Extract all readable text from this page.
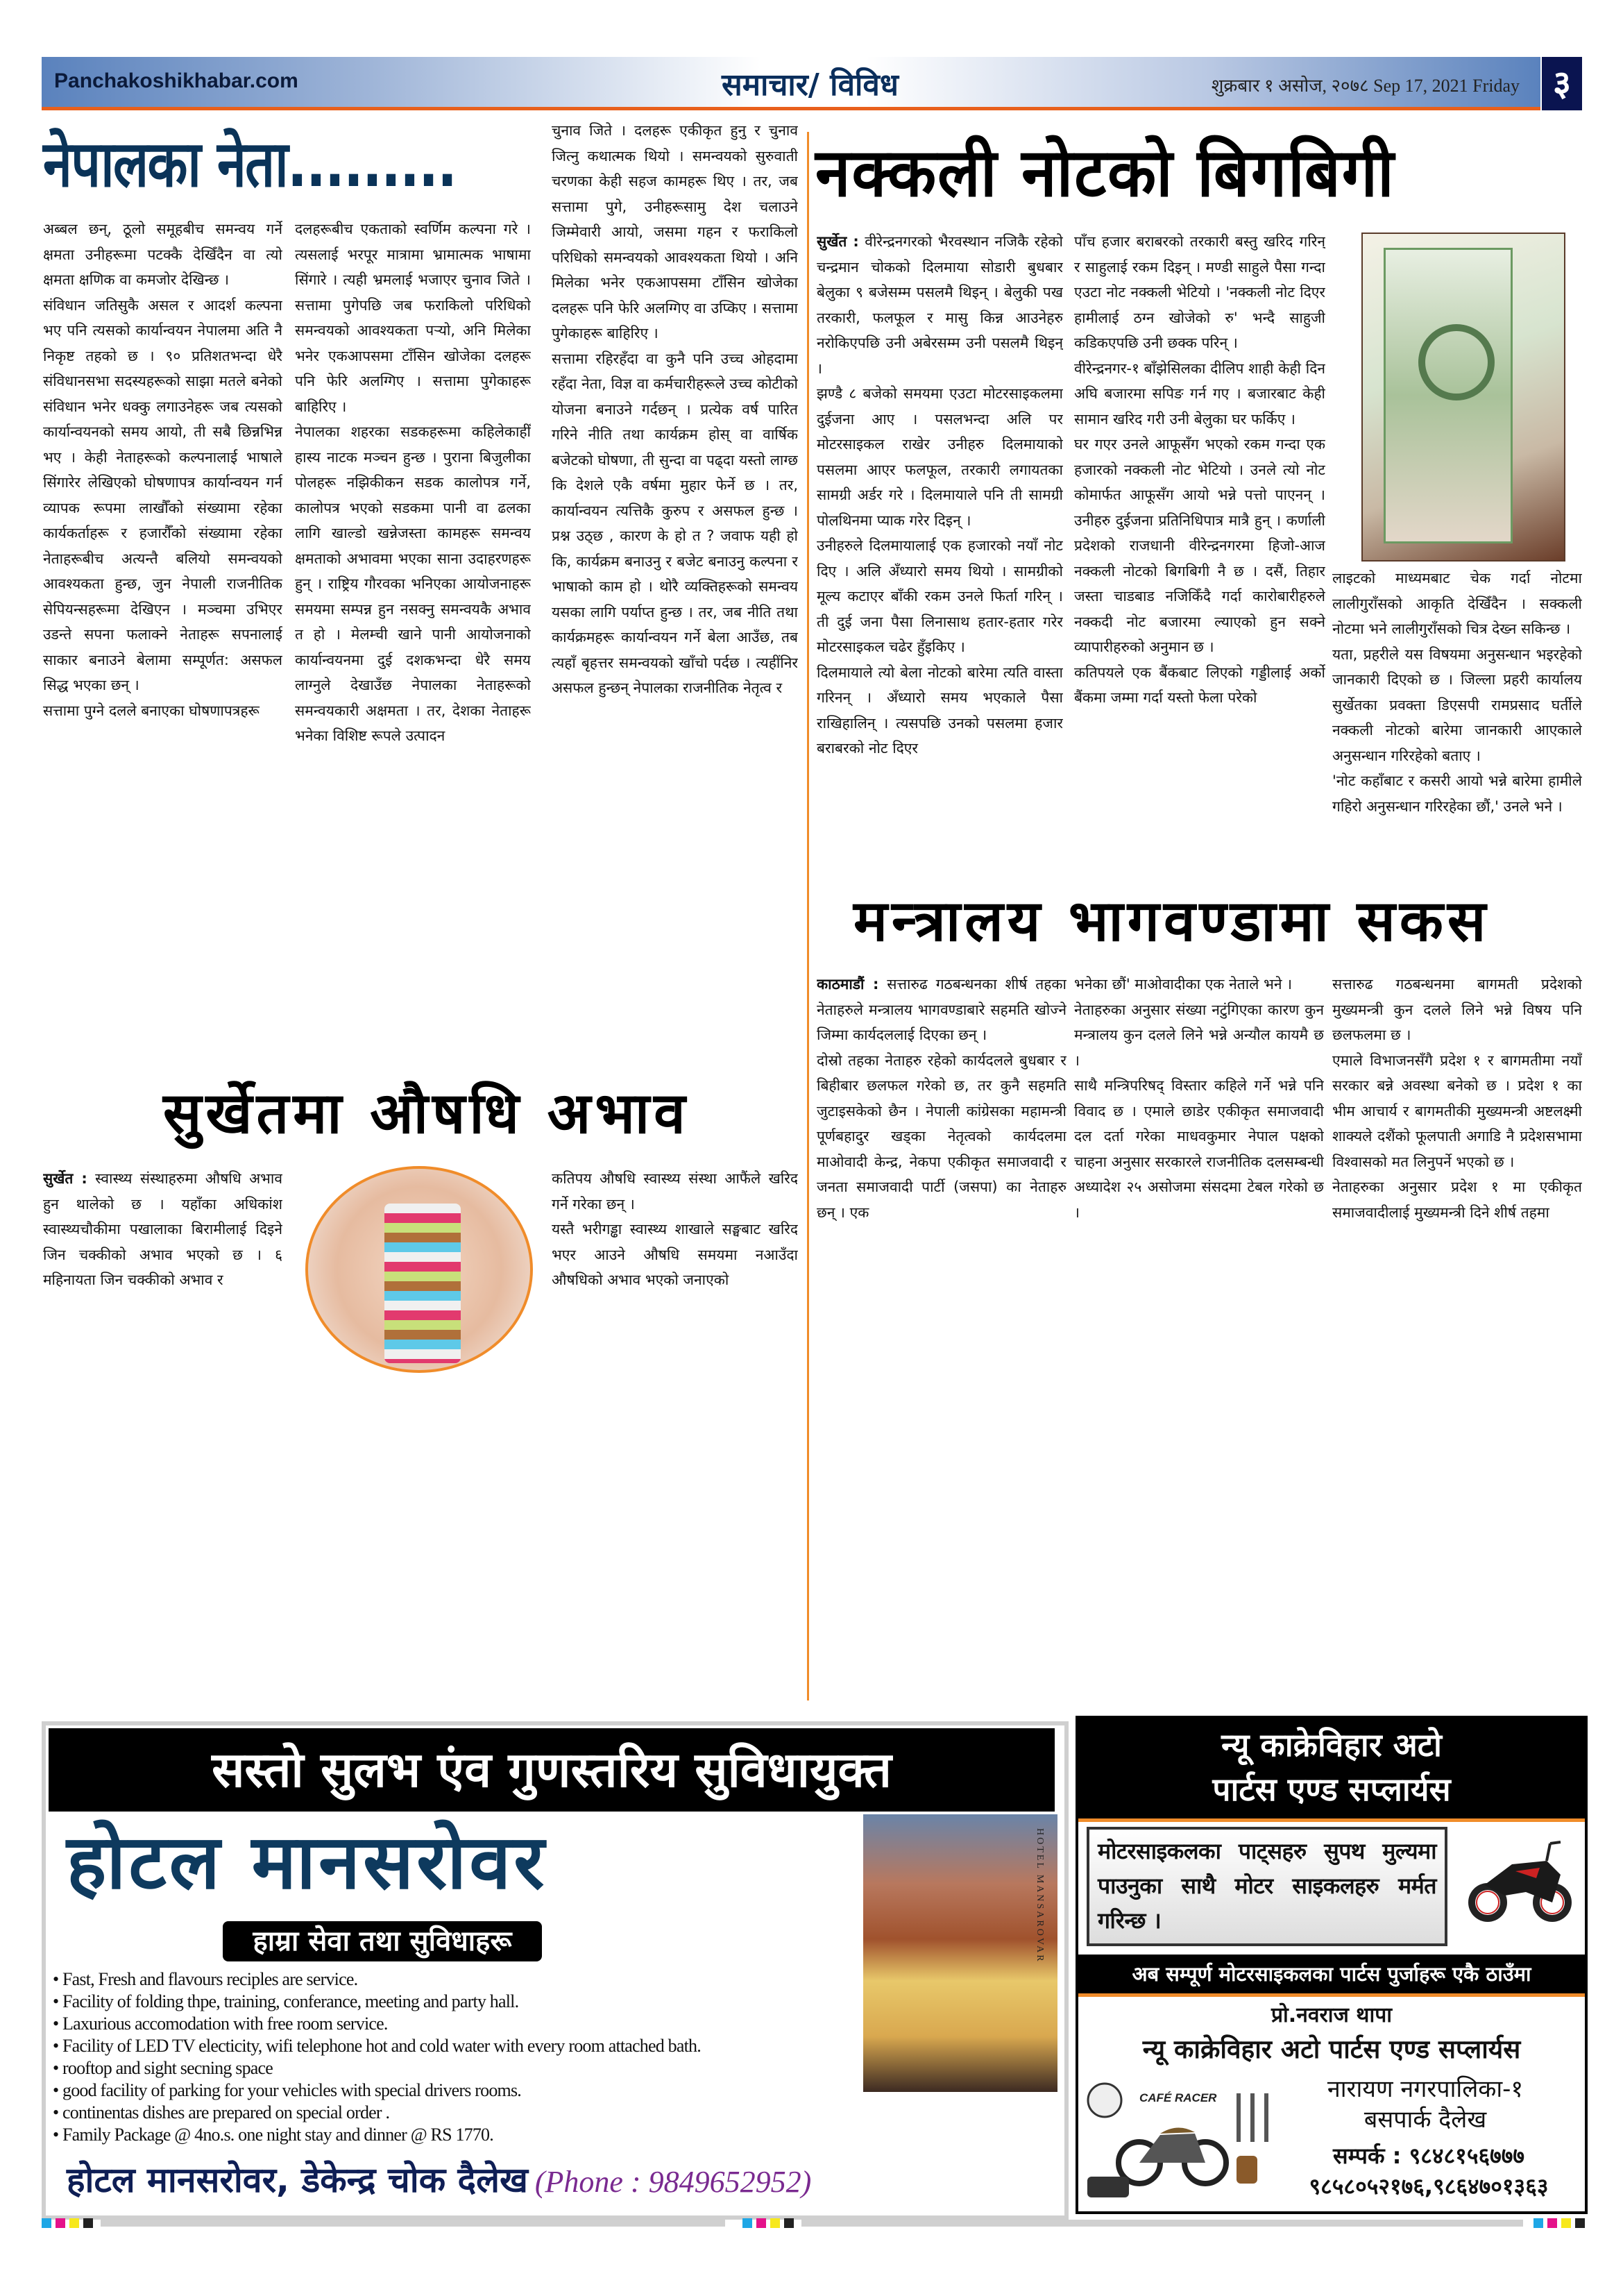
Panchakoshikhabar.com	समाचार/ विविध	शुक्रबार १ असोज, २०७८ Sep 17, 2021 Friday ३
नेपालका नेता.........

अब्बल छन्, ठूलो समूहबीच समन्वय गर्ने क्षमता उनीहरूमा पटक्कै देखिँदैन वा त्यो क्षमता क्षणिक वा कमजोर देखिन्छ ।

संविधान जतिसुकै असल र आदर्श कल्पना भए पनि त्यसको कार्यान्वयन नेपालमा अति नै निकृष्ट तहको छ । ९० प्रतिशतभन्दा धेरै संविधानसभा सदस्यहरूको साझा मतले बनेको संविधान भनेर धक्कु लगाउनेहरू जब त्यसको कार्यान्वयनको समय आयो, ती सबै छिन्नभिन्न भए । केही नेताहरूको कल्पनालाई भाषाले सिंगारेर लेखिएको घोषणापत्र कार्यान्वयन गर्न व्यापक रूपमा लाखौँको संख्यामा रहेका कार्यकर्ताहरू र हजारौँको संख्यामा रहेका नेताहरूबीच अत्यन्तै बलियो समन्वयको आवश्यकता हुन्छ, जुन नेपाली राजनीतिक सेपियन्सहरूमा देखिएन । मञ्चमा उभिएर उडन्ते सपना फलाक्ने नेताहरू सपनालाई साकार बनाउने बेलामा सम्पूर्णत: असफल सिद्ध भएका छन् ।

सत्तामा पुग्ने दलले बनाएका घोषणापत्रहरू

दलहरूबीच एकताको स्वर्णिम कल्पना गरे । त्यसलाई भरपूर मात्रामा भ्रामात्मक भाषामा सिंगारे । त्यही भ्रमलाई भजाएर चुनाव जिते । सत्तामा पुगेपछि जब फराकिलो परिधिको समन्वयको आवश्यकता पर्‍यो, अनि मिलेका भनेर एकआपसमा टाँसिन खोजेका दलहरू पनि फेरि अलग्गिए । सत्तामा पुगेकाहरू बाहिरिए ।

नेपालका शहरका सडकहरूमा कहिलेकाहीँ हास्य नाटक मञ्चन हुन्छ । पुराना बिजुलीका पोलहरू नझिकीकन सडक कालोपत्र गर्ने, कालोपत्र भएको सडकमा पानी वा ढलका लागि खाल्डो खन्नेजस्ता कामहरू समन्वय क्षमताको अभावमा भएका साना उदाहरणहरू हुन् । राष्ट्रिय गौरवका भनिएका आयोजनाहरू समयमा सम्पन्न हुन नसक्नु समन्वयकै अभाव त हो । मेलम्ची खाने पानी आयोजनाको कार्यान्वयनमा दुई दशकभन्दा धेरै समय लाग्नुले देखाउँछ नेपालका नेताहरूको समन्वयकारी अक्षमता । तर, देशका नेताहरू भनेका विशिष्ट रूपले उत्पादन

चुनाव जिते । दलहरू एकीकृत हुनु र चुनाव जित्नु कथात्मक थियो । समन्वयको सुरुवाती चरणका केही सहज कामहरू थिए । तर, जब सत्तामा पुगे, उनीहरूसामु देश चलाउने जिम्मेवारी आयो, जसमा गहन र फराकिलो परिधिको समन्वयको आवश्यकता थियो । अनि मिलेका भनेर एकआपसमा टाँसिन खोजेका दलहरू पनि फेरि अलग्गिए वा उप्किए । सत्तामा पुगेकाहरू बाहिरिए ।

सत्तामा रहिरहँदा वा कुनै पनि उच्च ओहदामा रहँदा नेता, विज्ञ वा कर्मचारीहरूले उच्च कोटीको योजना बनाउने गर्दछन् । प्रत्येक वर्ष पारित गरिने नीति तथा कार्यक्रम होस् वा वार्षिक बजेटको घोषणा, ती सुन्दा वा पढ्दा यस्तो लाग्छ कि देशले एकै वर्षमा मुहार फेर्ने छ । तर, कार्यान्वयन त्यत्तिकै कुरुप र असफल हुन्छ । प्रश्न उठ्छ , कारण के हो त ? जवाफ यही हो कि, कार्यक्रम बनाउनु र बजेट बनाउनु कल्पना र भाषाको काम हो । थोरै व्यक्तिहरूको समन्वय यसका लागि पर्याप्त हुन्छ । तर, जब नीति तथा कार्यक्रमहरू कार्यान्वयन गर्ने बेला आउँछ, तब त्यहाँ बृहत्तर समन्वयको खाँचो पर्दछ । त्यहींनिर असफल हुन्छन् नेपालका राजनीतिक नेतृत्व र

नक्कली नोटको बिगबिगी

सुर्खेत : वीरेन्द्रनगरको भैरवस्थान नजिकै रहेको चन्द्रमान चोकको दिलमाया सोडारी बुधबार बेलुका ९ बजेसम्म पसलमै थिइन् । बेलुकी पख तरकारी, फलफूल र मासु किन्न आउनेहरु नरोकिएपछि उनी अबेरसम्म उनी पसलमै थिइन् ।

झण्डै ८ बजेको समयमा एउटा मोटरसाइकलमा दुईजना आए । पसलभन्दा अलि पर मोटरसाइकल राखेर उनीहरु दिलमायाको पसलमा आएर फलफूल, तरकारी लगायतका सामग्री अर्डर गरे । दिलमायाले पनि ती सामग्री पोलथिनमा प्याक गरेर दिइन् ।

उनीहरुले दिलमायालाई एक हजारको नयाँ नोट दिए । अलि अँध्यारो समय थियो । सामग्रीको मूल्य कटाएर बाँकी रकम उनले फिर्ता गरिन् । ती दुई जना पैसा लिनासाथ हतार-हतार गरेर मोटरसाइकल चढेर हुँइकिए ।

दिलमायाले त्यो बेला नोटको बारेमा त्यति वास्ता गरिनन् । अँध्यारो समय भएकाले पैसा राखिहालिन् । त्यसपछि उनको पसलमा हजार बराबरको नोट दिएर

पाँच हजार बराबरको तरकारी बस्तु खरिद गरिन् र साहुलाई रकम दिइन् । मण्डी साहुले पैसा गन्दा एउटा नोट नक्कली भेटियो । 'नक्कली नोट दिएर हामीलाई ठग्न खोजेको रु' भन्दै साहुजी कडिकएपछि उनी छक्क परिन् ।

वीरेन्द्रनगर-१ बाँझेसिलका दीलिप शाही केही दिन अघि बजारमा सपिङ गर्न गए । बजारबाट केही सामान खरिद गरी उनी बेलुका घर फर्किए ।

घर गएर उनले आफूसँग भएको रकम गन्दा एक हजारको नक्कली नोट भेटियो । उनले त्यो नोट कोमार्फत आफूसँग आयो भन्ने पत्तो पाएनन् । उनीहरु दुईजना प्रतिनिधिपात्र मात्रै हुन् । कर्णाली प्रदेशको राजधानी वीरेन्द्रनगरमा हिजो-आज नक्कली नोटको बिगबिगी नै छ । दसैं, तिहार जस्ता चाडबाड नजिकिँदै गर्दा कारोबारीहरुले नक्कदी नोट बजारमा ल्याएको हुन सक्ने व्यापारीहरुको अनुमान छ ।

कतिपयले एक बैंकबाट लिएको गड्डीलाई अर्को बैंकमा जम्मा गर्दा यस्तो फेला परेको

लाइटको माध्यमबाट चेक गर्दा नोटमा लालीगुराँसको आकृति देखिँदैन । सक्कली नोटमा भने लालीगुराँसको चित्र देख्न सकिन्छ ।

यता, प्रहरीले यस विषयमा अनुसन्धान भइरहेको जानकारी दिएको छ । जिल्ला प्रहरी कार्यालय सुर्खेतका प्रवक्ता डिएसपी रामप्रसाद घर्तीले नक्कली नोटको बारेमा जानकारी आएकाले अनुसन्धान गरिरहेको बताए ।

'नोट कहाँबाट र कसरी आयो भन्ने बारेमा हामीले गहिरो अनुसन्धान गरिरहेका छौं,' उनले भने ।

मन्त्रालय भागवण्डामा सकस

काठमाडौं : सत्तारुढ गठबन्धनका शीर्ष तहका नेताहरुले मन्त्रालय भागवण्डाबारे सहमति खोज्ने जिम्मा कार्यदललाई दिएका छन् ।

दोस्रो तहका नेताहरु रहेको कार्यदलले बुधबार र बिहीबार छलफल गरेको छ, तर कुनै सहमति जुटाइसकेको छैन । नेपाली कांग्रेसका महामन्त्री पूर्णबहादुर खड्का नेतृत्वको कार्यदलमा माओवादी केन्द्र, नेकपा एकीकृत समाजवादी र जनता समाजवादी पार्टी (जसपा) का नेताहरु छन् । एक

भनेका छौं' माओवादीका एक नेताले भने ।

नेताहरुका अनुसार संख्या नटुंगिएका कारण कुन मन्त्रालय कुन दलले लिने भन्ने अन्यौल कायमै छ ।

साथै मन्त्रिपरिषद् विस्तार कहिले गर्ने भन्ने पनि विवाद छ । एमाले छाडेर एकीकृत समाजवादी दल दर्ता गरेका माधवकुमार नेपाल पक्षको चाहना अनुसार सरकारले राजनीतिक दलसम्बन्धी अध्यादेश २५ असोजमा संसदमा टेबल गरेको छ ।

सत्तारुढ गठबन्धनमा बागमती प्रदेशको मुख्यमन्त्री कुन दलले लिने भन्ने विषय पनि छलफलमा छ ।

एमाले विभाजनसँगै प्रदेश १ र बागमतीमा नयाँ सरकार बन्ने अवस्था बनेको छ । प्रदेश १ का भीम आचार्य र बागमतीकी मुख्यमन्त्री अष्टलक्ष्मी शाक्यले दशैंको फूलपाती अगाडि नै प्रदेशसभामा विश्वासको मत लिनुपर्ने भएको छ ।

नेताहरुका अनुसार प्रदेश १ मा एकीकृत समाजवादीलाई मुख्यमन्त्री दिने शीर्ष तहमा

सुर्खेतमा औषधि अभाव

सुर्खेत : स्वास्थ्य संस्थाहरुमा औषधि अभाव हुन थालेको छ । यहाँका अधिकांश स्वास्थ्यचौकीमा पखालाका बिरामीलाई दिइने जिन चक्कीको अभाव भएको छ । ६ महिनायता जिन चक्कीको अभाव र

कतिपय औषधि स्वास्थ्य संस्था आफैंले खरिद गर्ने गरेका छन् ।

यस्तै भरीगड्ढा स्वास्थ्य शाखाले सङ्घबाट खरिद भएर आउने औषधि समयमा नआउँदा औषधिको अभाव भएको जनाएको

सस्तो सुलभ एंव गुणस्तरिय सुविधायुक्त
होटल मानसरोवर
हाम्रा सेवा तथा सुविधाहरू
• Fast, Fresh and flavours reciples are service.
• Facility of folding thpe, training, conferance, meeting and party hall.
• Laxurious accomodation with free room service.
• Facility of LED TV electicity, wifi telephone hot and cold water with every room attached bath.
• rooftop and sight secning space
• good facility of parking for your vehicles with special drivers rooms.
• continentas dishes are prepared on special order .
• Family Package @ 4no.s. one night stay and dinner @ RS 1770.
HOTEL MANSAROVAR
होटल मानसरोवर, डेकेन्द्र चोक दैलेख (Phone : 9849652952)
न्यू काक्रेविहार अटो
पार्टस एण्ड सप्लार्यस
मोटरसाइकलका पाट्सहरु सुपथ मुल्यमा पाउनुका साथै मोटर साइकलहरु मर्मत गरिन्छ ।
अब सम्पूर्ण मोटरसाइकलका पार्टस पुर्जाहरू एकै ठाउँमा
प्रो.नवराज थापा
न्यू काक्रेविहार अटो पार्टस एण्ड सप्लार्यस
CAFÉ RACER	नारायण नगरपालिका-१
बसपार्क दैलेख
सम्पर्क : ९८४८१५६७७७
९८५८०५२१७६,९८६४७०१३६३
